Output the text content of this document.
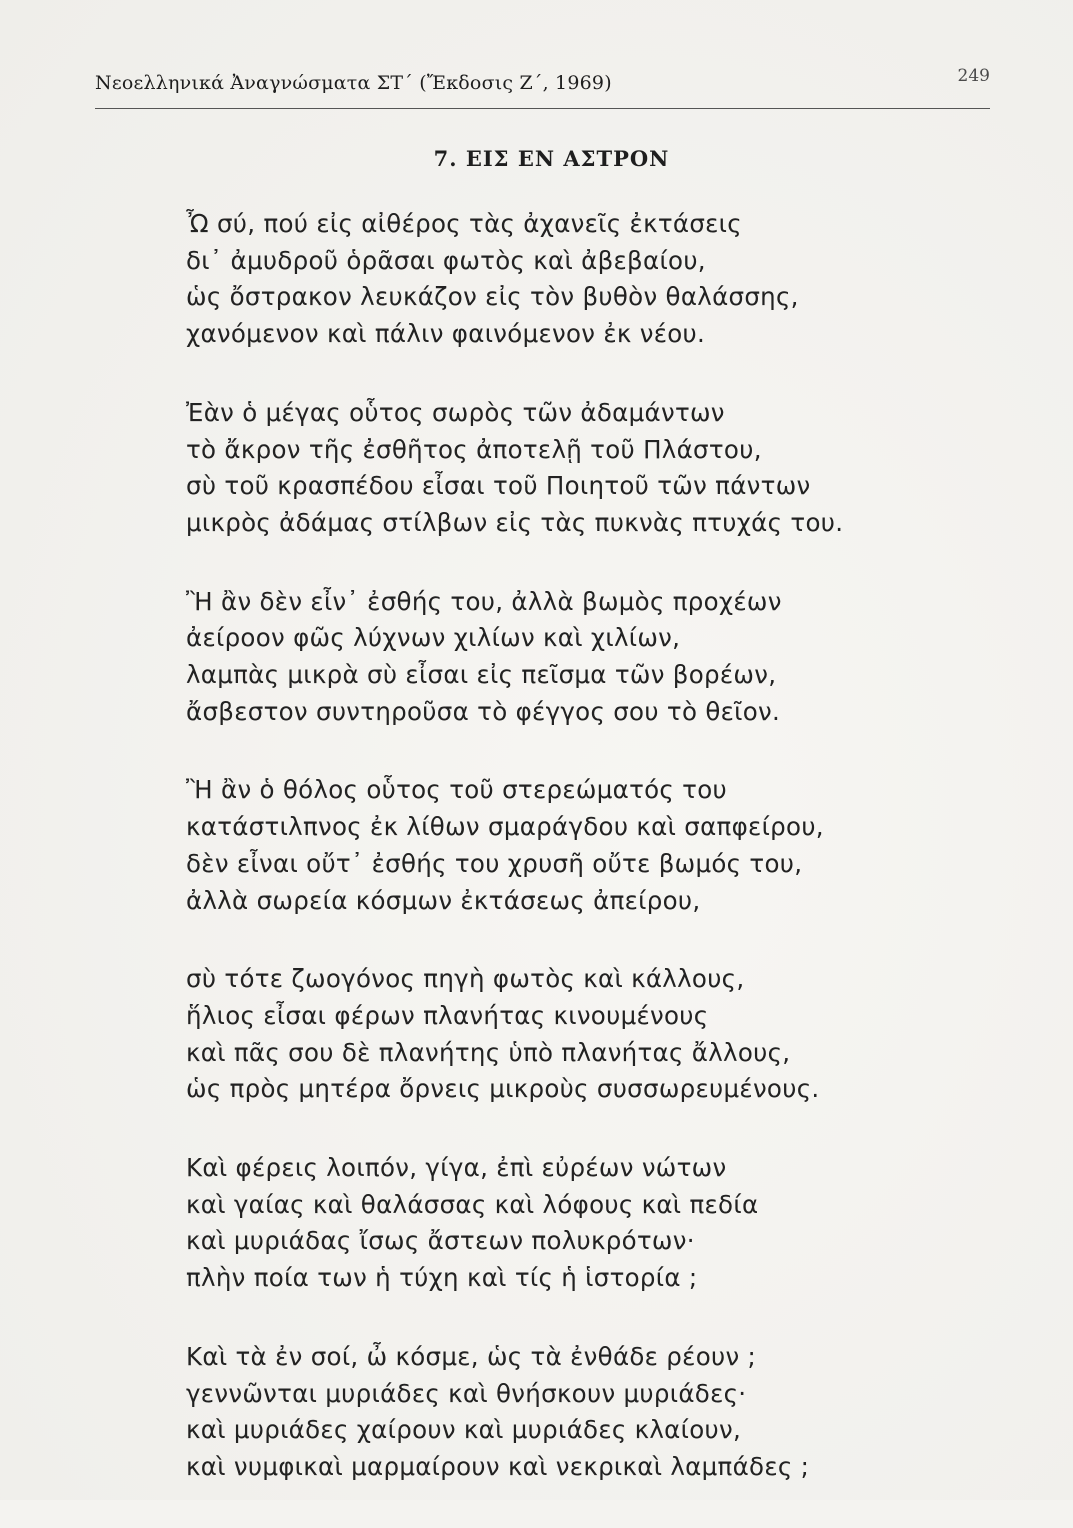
Νεοελληνικά Ἀναγνώσματα ΣΤ΄ (Ἔκδοσις Ζ΄, 1969)	249
7. ΕΙΣ ΕΝ ΑΣΤΡΟΝ
Ὦ σύ, πού εἰς αἰθέρος τὰς ἀχανεῖς ἐκτάσεις
δι᾽ ἀμυδροῦ ὁρᾶσαι φωτὸς καὶ ἀβεβαίου,
ὡς ὄστρακον λευκάζον εἰς τὸν βυθὸν θαλάσσης,
χανόμενον καὶ πάλιν φαινόμενον ἐκ νέου.
Ἐὰν ὁ μέγας οὗτος σωρὸς τῶν ἀδαμάντων
τὸ ἄκρον τῆς ἐσθῆτος ἀποτελῇ τοῦ Πλάστου,
σὺ τοῦ κρασπέδου εἶσαι τοῦ Ποιητοῦ τῶν πάντων
μικρὸς ἀδάμας στίλβων εἰς τὰς πυκνὰς πτυχάς του.
Ἢ ἂν δὲν εἶν᾽ ἐσθής του, ἀλλὰ βωμὸς προχέων
ἀείροον φῶς λύχνων χιλίων καὶ χιλίων,
λαμπὰς μικρὰ σὺ εἶσαι εἰς πεῖσμα τῶν βορέων,
ἄσβεστον συντηροῦσα τὸ φέγγος σου τὸ θεῖον.
Ἢ ἂν ὁ θόλος οὗτος τοῦ στερεώματός του
κατάστιλπνος ἐκ λίθων σμαράγδου καὶ σαπφείρου,
δὲν εἶναι οὔτ᾽ ἐσθής του χρυσῆ οὔτε βωμός του,
ἀλλὰ σωρεία κόσμων ἐκτάσεως ἀπείρου,
σὺ τότε ζωογόνος πηγὴ φωτὸς καὶ κάλλους,
ἥλιος εἶσαι φέρων πλανήτας κινουμένους
καὶ πᾶς σου δὲ πλανήτης ὑπὸ πλανήτας ἄλλους,
ὡς πρὸς μητέρα ὄρνεις μικροὺς συσσωρευμένους.
Καὶ φέρεις λοιπόν, γίγα, ἐπὶ εὐρέων νώτων
καὶ γαίας καὶ θαλάσσας καὶ λόφους καὶ πεδία
καὶ μυριάδας ἴσως ἄστεων πολυκρότων·
πλὴν ποία των ἡ τύχη καὶ τίς ἡ ἱστορία ;
Καὶ τὰ ἐν σοί, ὦ κόσμε, ὡς τὰ ἐνθάδε ρέουν ;
γεννῶνται μυριάδες καὶ θνήσκουν μυριάδες·
καὶ μυριάδες χαίρουν καὶ μυριάδες κλαίουν,
καὶ νυμφικαὶ μαρμαίρουν καὶ νεκρικαὶ λαμπάδες ;
